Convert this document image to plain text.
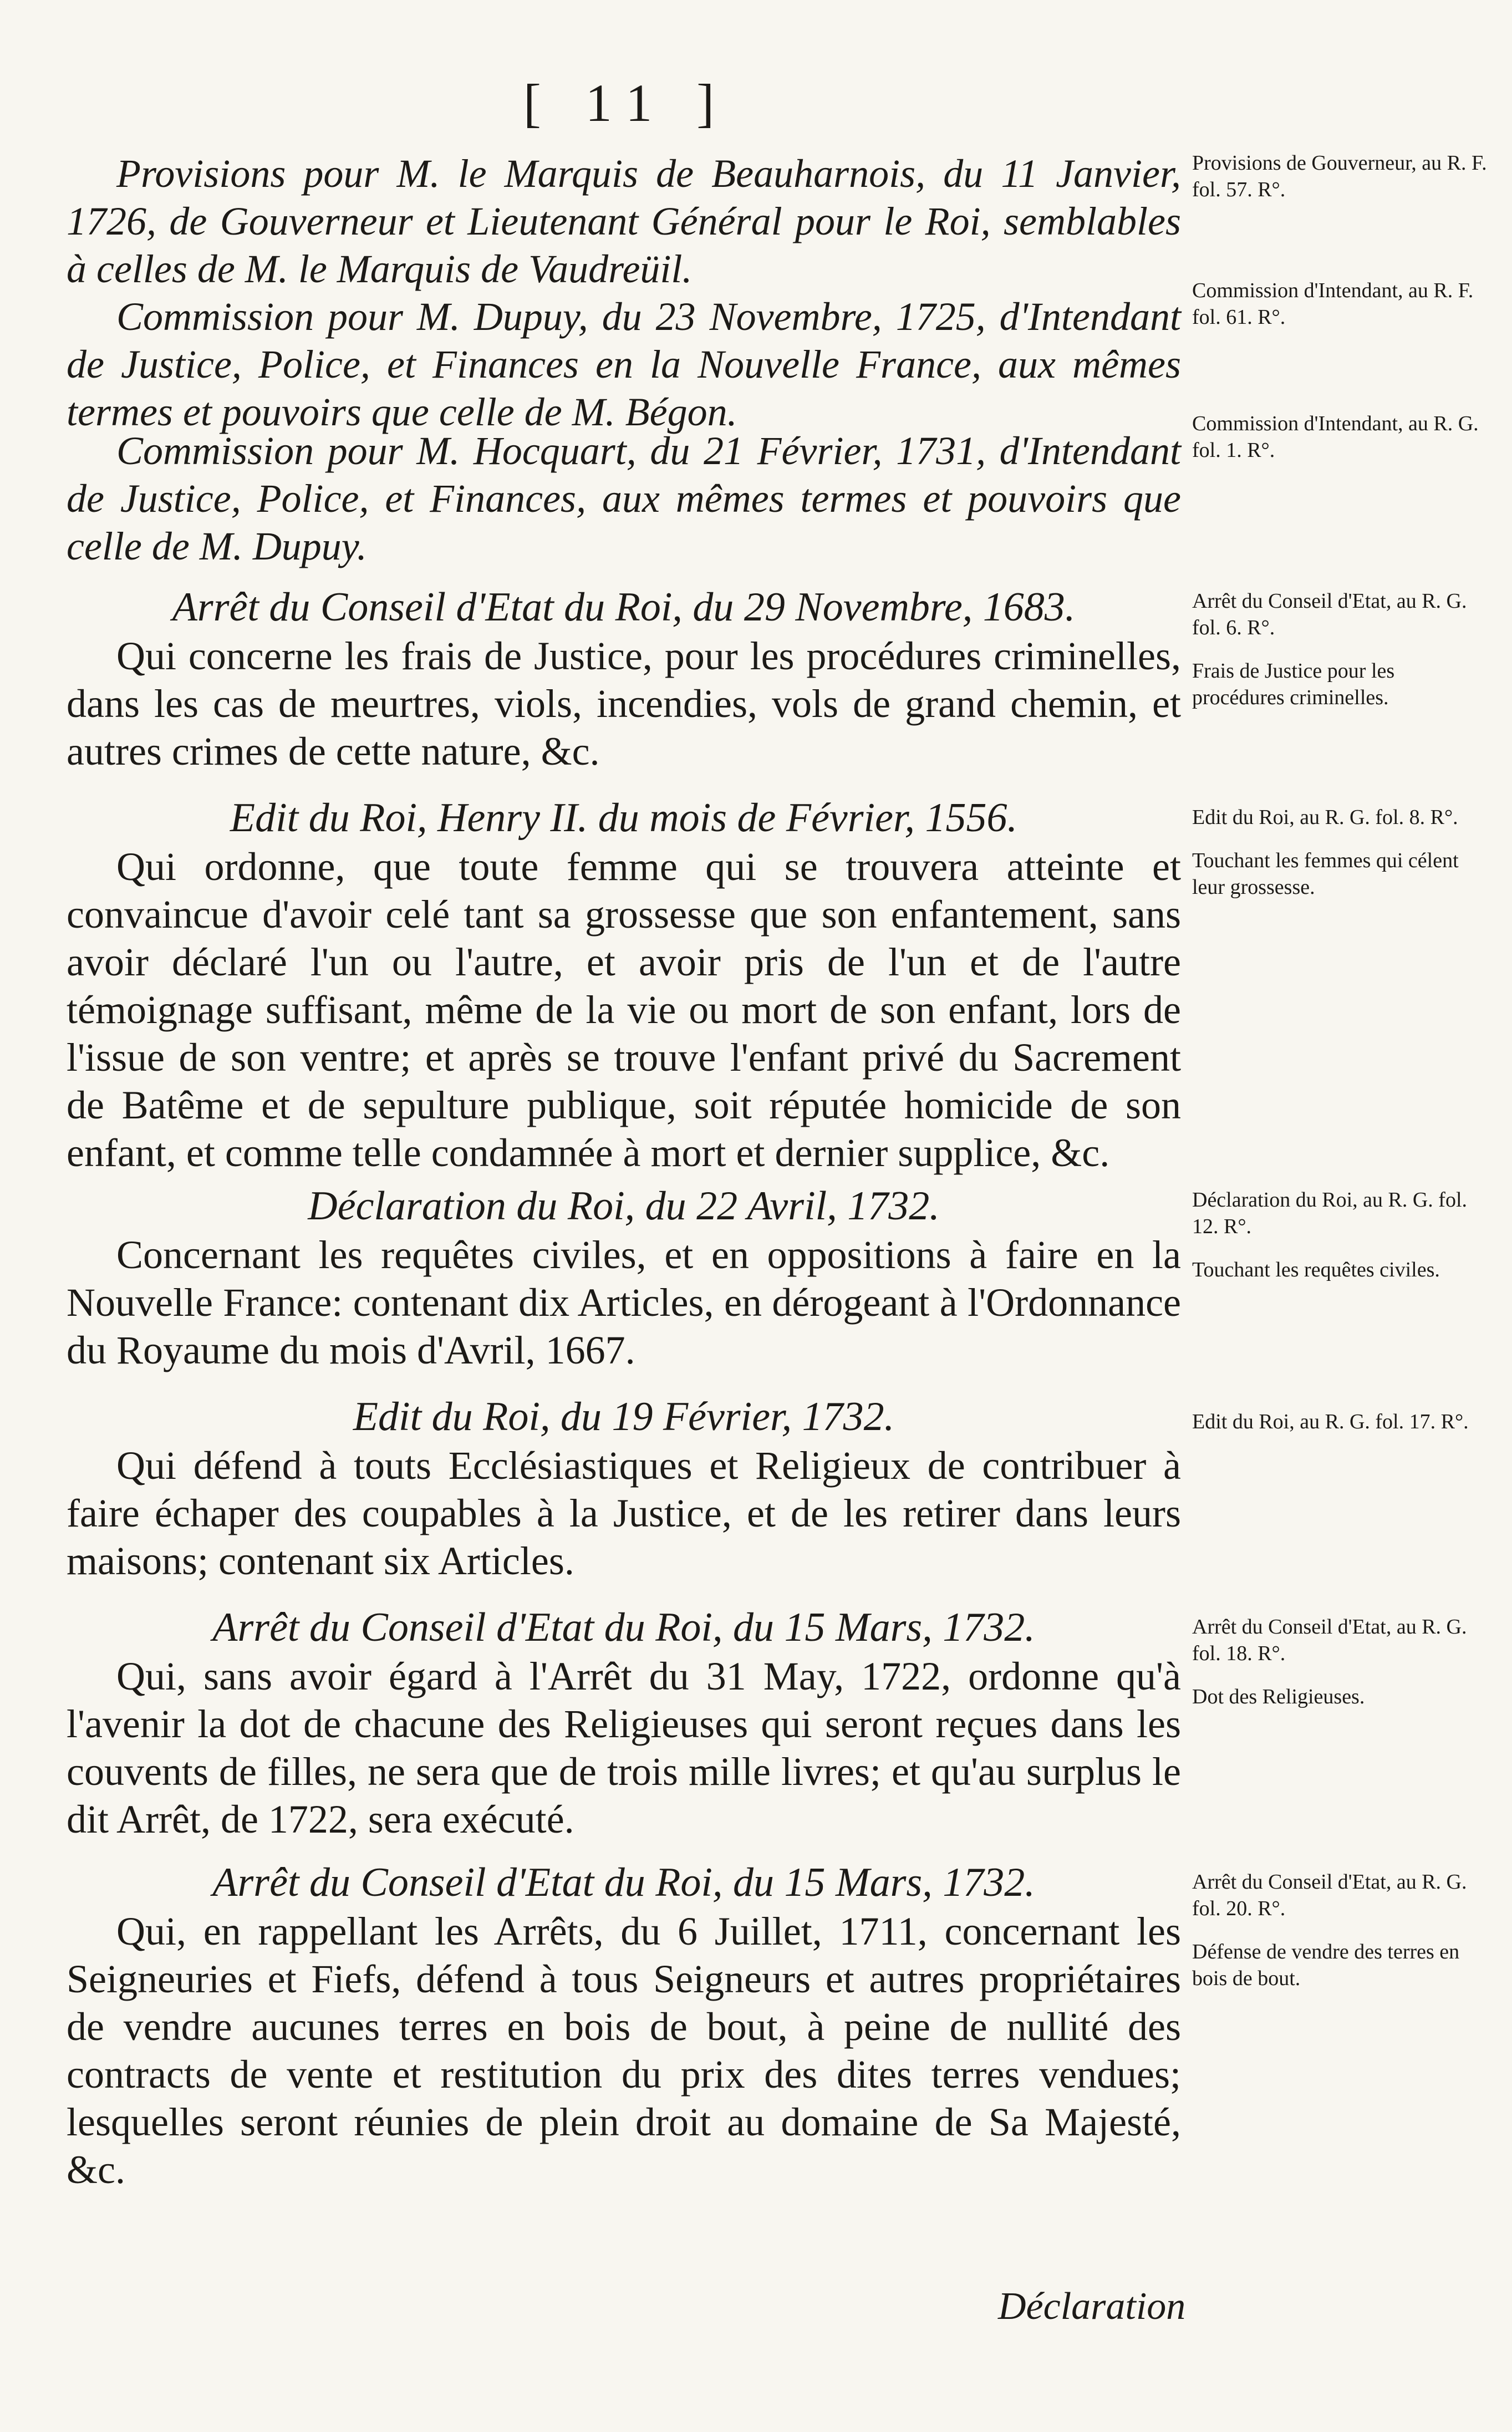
[ 11 ]

Provisions pour M. le Marquis de Beauharnois, du 11 Janvier, 1726, de Gouverneur et Lieutenant Général pour le Roi, semblables à celles de M. le Marquis de Vaudreüil.

Commission pour M. Dupuy, du 23 Novembre, 1725, d'Intendant de Justice, Police, et Finances en la Nouvelle France, aux mêmes termes et pouvoirs que celle de M. Bégon.

Commission pour M. Hocquart, du 21 Février, 1731, d'Intendant de Justice, Police, et Finances, aux mêmes termes et pouvoirs que celle de M. Dupuy.

Arrêt du Conseil d'Etat du Roi, du 29 Novembre, 1683.

Qui concerne les frais de Justice, pour les procédures criminelles, dans les cas de meurtres, viols, incendies, vols de grand chemin, et autres crimes de cette nature, &c.

Edit du Roi, Henry II. du mois de Février, 1556.

Qui ordonne, que toute femme qui se trouvera atteinte et convaincue d'avoir celé tant sa grossesse que son enfantement, sans avoir déclaré l'un ou l'autre, et avoir pris de l'un et de l'autre témoignage suffisant, même de la vie ou mort de son enfant, lors de l'issue de son ventre; et après se trouve l'enfant privé du Sacrement de Batême et de sepulture publique, soit réputée homicide de son enfant, et comme telle condamnée à mort et dernier supplice, &c.

Déclaration du Roi, du 22 Avril, 1732.

Concernant les requêtes civiles, et en oppositions à faire en la Nouvelle France: contenant dix Articles, en dérogeant à l'Ordonnance du Royaume du mois d'Avril, 1667.

Edit du Roi, du 19 Février, 1732.

Qui défend à touts Ecclésiastiques et Religieux de contribuer à faire échaper des coupables à la Justice, et de les retirer dans leurs maisons; contenant six Articles.

Arrêt du Conseil d'Etat du Roi, du 15 Mars, 1732.

Qui, sans avoir égard à l'Arrêt du 31 May, 1722, ordonne qu'à l'avenir la dot de chacune des Religieuses qui seront reçues dans les couvents de filles, ne sera que de trois mille livres; et qu'au surplus le dit Arrêt, de 1722, sera exécuté.

Arrêt du Conseil d'Etat du Roi, du 15 Mars, 1732.

Qui, en rappellant les Arrêts, du 6 Juillet, 1711, concernant les Seigneuries et Fiefs, défend à tous Seigneurs et autres propriétaires de vendre aucunes terres en bois de bout, à peine de nullité des contracts de vente et restitution du prix des dites terres vendues; lesquelles seront réunies de plein droit au domaine de Sa Majesté, &c.

Provisions de Gouverneur, au R. F. fol. 57. R°.

Commission d'Intendant, au R. F. fol. 61. R°.

Commission d'Intendant, au R. G. fol. 1. R°.

Arrêt du Conseil d'Etat, au R. G. fol. 6. R°.

Frais de Justice pour les procédures criminelles.

Edit du Roi, au R. G. fol. 8. R°.

Touchant les femmes qui célent leur grossesse.

Déclaration du Roi, au R. G. fol. 12. R°.

Touchant les requêtes civiles.

Edit du Roi, au R. G. fol. 17. R°.

Arrêt du Conseil d'Etat, au R. G. fol. 18. R°.

Dot des Religieuses.

Arrêt du Conseil d'Etat, au R. G. fol. 20. R°.

Défense de vendre des terres en bois de bout.

Déclaration
